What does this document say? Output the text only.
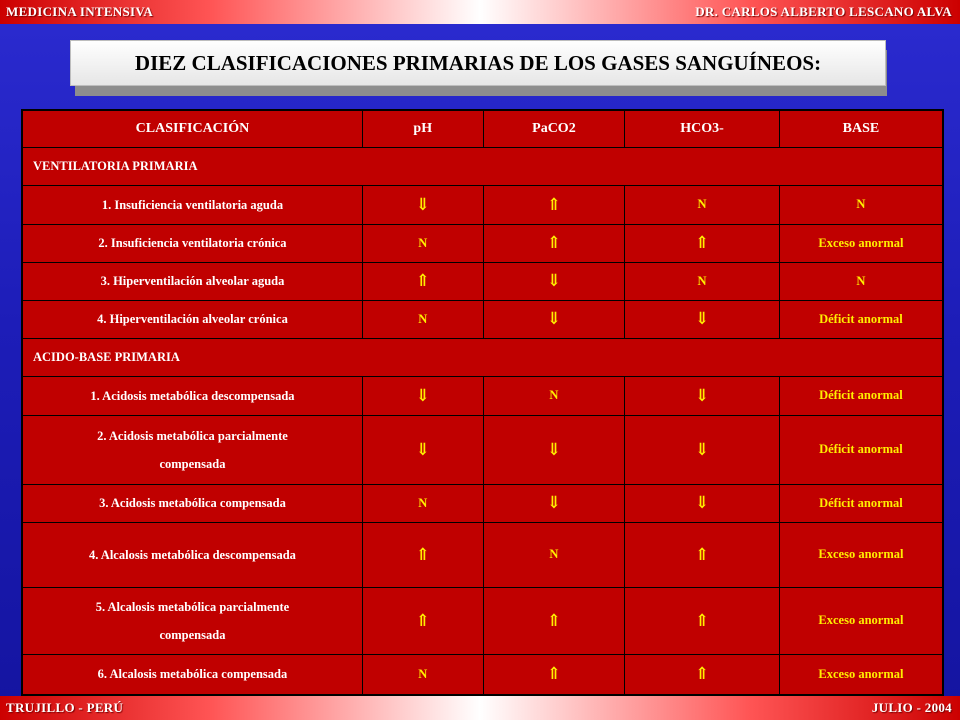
MEDICINA INTENSIVA	DR. CARLOS ALBERTO LESCANO ALVA
DIEZ CLASIFICACIONES PRIMARIAS DE LOS GASES SANGUÍNEOS:
CLASIFICACIÓN	pH	PaCO2	HCO3-	BASE
VENTILATORIA PRIMARIA				
1. Insuficiencia ventilatoria aguda	⇓	⇑	N	N
2. Insuficiencia ventilatoria crónica	N	⇑	⇑	Exceso anormal
3. Hiperventilación alveolar aguda	⇑	⇓	N	N
4. Hiperventilación alveolar crónica	N	⇓	⇓	Déficit anormal
ACIDO-BASE PRIMARIA				
1. Acidosis metabólica descompensada	⇓	N	⇓	Déficit anormal
2. Acidosis metabólica parcialmente compensada	⇓	⇓	⇓	Déficit anormal
3. Acidosis metabólica compensada	N	⇓	⇓	Déficit anormal
4. Alcalosis metabólica descompensada	⇑	N	⇑	Exceso anormal
5. Alcalosis metabólica parcialmente compensada	⇑	⇑	⇑	Exceso anormal
6. Alcalosis metabólica compensada	N	⇑	⇑	Exceso anormal
TRUJILLO - PERÚ	JULIO - 2004
